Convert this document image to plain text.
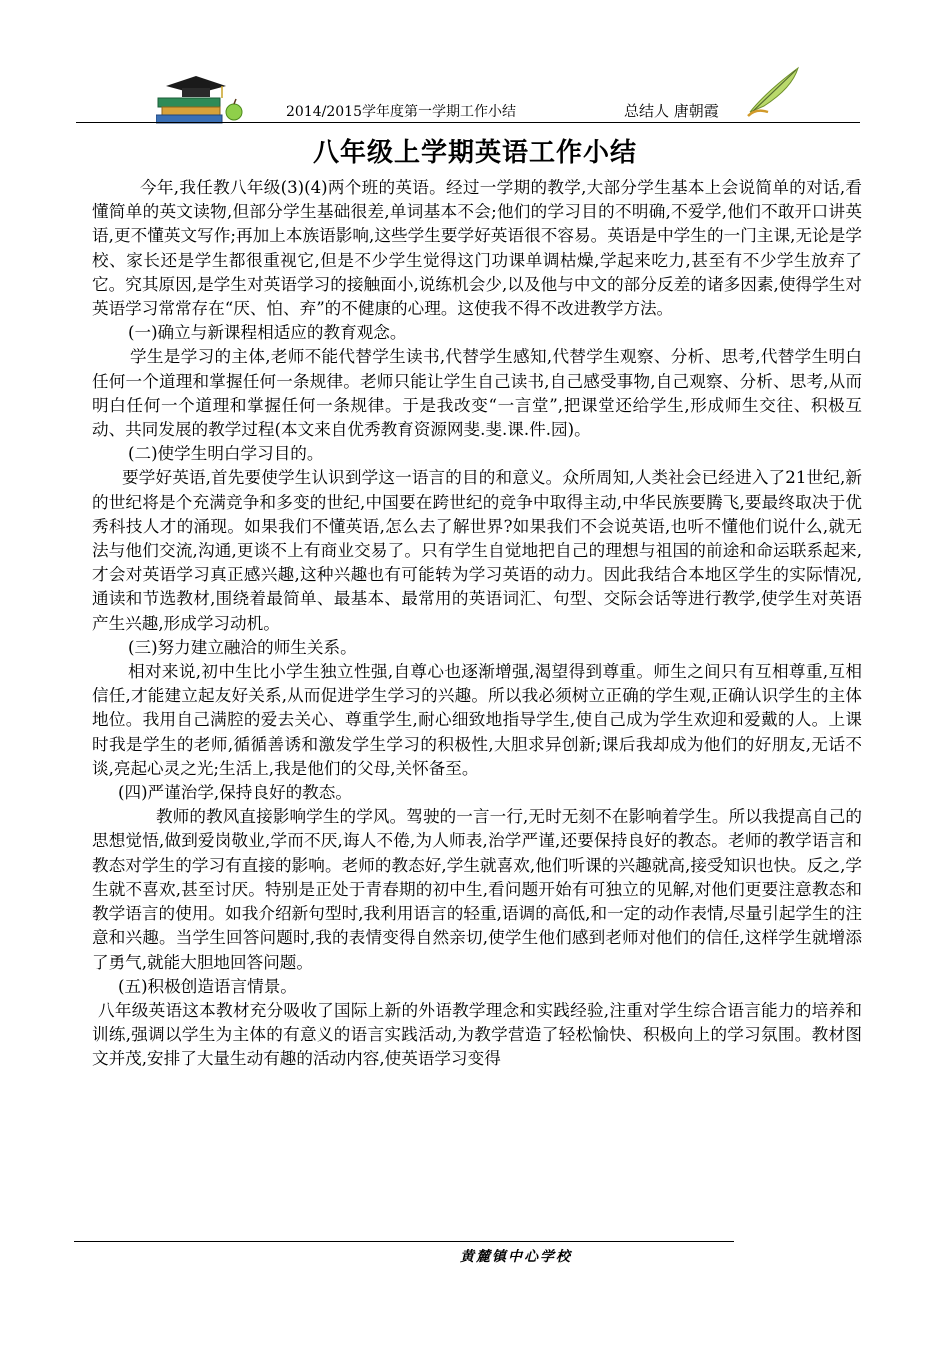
2014/2015学年度第一学期工作小结	总结人 唐朝霞
八年级上学期英语工作小结

今年,我任教八年级(3)(4)两个班的英语。经过一学期的教学,大部分学生基本上会说简单的对话,看懂简单的英文读物,但部分学生基础很差,单词基本不会;他们的学习目的不明确,不爱学,他们不敢开口讲英语,更不懂英文写作;再加上本族语影响,这些学生要学好英语很不容易。英语是中学生的一门主课,无论是学校、家长还是学生都很重视它,但是不少学生觉得这门功课单调枯燥,学起来吃力,甚至有不少学生放弃了它。究其原因,是学生对英语学习的接触面小,说练机会少,以及他与中文的部分反差的诸多因素,使得学生对英语学习常常存在“厌、怕、弃”的不健康的心理。这使我不得不改进教学方法。

(一)确立与新课程相适应的教育观念。

学生是学习的主体,老师不能代替学生读书,代替学生感知,代替学生观察、分析、思考,代替学生明白任何一个道理和掌握任何一条规律。老师只能让学生自己读书,自己感受事物,自己观察、分析、思考,从而明白任何一个道理和掌握任何一条规律。于是我改变“一言堂”,把课堂还给学生,形成师生交往、积极互动、共同发展的教学过程(本文来自优秀教育资源网斐.斐.课.件.园)。

(二)使学生明白学习目的。

要学好英语,首先要使学生认识到学这一语言的目的和意义。众所周知,人类社会已经进入了21世纪,新的世纪将是个充满竞争和多变的世纪,中国要在跨世纪的竞争中取得主动,中华民族要腾飞,要最终取决于优秀科技人才的涌现。如果我们不懂英语,怎么去了解世界?如果我们不会说英语,也听不懂他们说什么,就无法与他们交流,沟通,更谈不上有商业交易了。只有学生自觉地把自己的理想与祖国的前途和命运联系起来,才会对英语学习真正感兴趣,这种兴趣也有可能转为学习英语的动力。因此我结合本地区学生的实际情况,通读和节选教材,围绕着最简单、最基本、最常用的英语词汇、句型、交际会话等进行教学,使学生对英语产生兴趣,形成学习动机。

(三)努力建立融洽的师生关系。

相对来说,初中生比小学生独立性强,自尊心也逐渐增强,渴望得到尊重。师生之间只有互相尊重,互相信任,才能建立起友好关系,从而促进学生学习的兴趣。所以我必须树立正确的学生观,正确认识学生的主体地位。我用自己满腔的爱去关心、尊重学生,耐心细致地指导学生,使自己成为学生欢迎和爱戴的人。上课时我是学生的老师,循循善诱和激发学生学习的积极性,大胆求异创新;课后我却成为他们的好朋友,无话不谈,亮起心灵之光;生活上,我是他们的父母,关怀备至。

(四)严谨治学,保持良好的教态。

教师的教风直接影响学生的学风。驾驶的一言一行,无时无刻不在影响着学生。所以我提高自己的思想觉悟,做到爱岗敬业,学而不厌,诲人不倦,为人师表,治学严谨,还要保持良好的教态。老师的教学语言和教态对学生的学习有直接的影响。老师的教态好,学生就喜欢,他们听课的兴趣就高,接受知识也快。反之,学生就不喜欢,甚至讨厌。特别是正处于青春期的初中生,看问题开始有可独立的见解,对他们更要注意教态和教学语言的使用。如我介绍新句型时,我利用语言的轻重,语调的高低,和一定的动作表情,尽量引起学生的注意和兴趣。当学生回答问题时,我的表情变得自然亲切,使学生他们感到老师对他们的信任,这样学生就增添了勇气,就能大胆地回答问题。

(五)积极创造语言情景。

八年级英语这本教材充分吸收了国际上新的外语教学理念和实践经验,注重对学生综合语言能力的培养和训练,强调以学生为主体的有意义的语言实践活动,为教学营造了轻松愉快、积极向上的学习氛围。教材图文并茂,安排了大量生动有趣的活动内容,使英语学习变得

黄麓镇中心学校
